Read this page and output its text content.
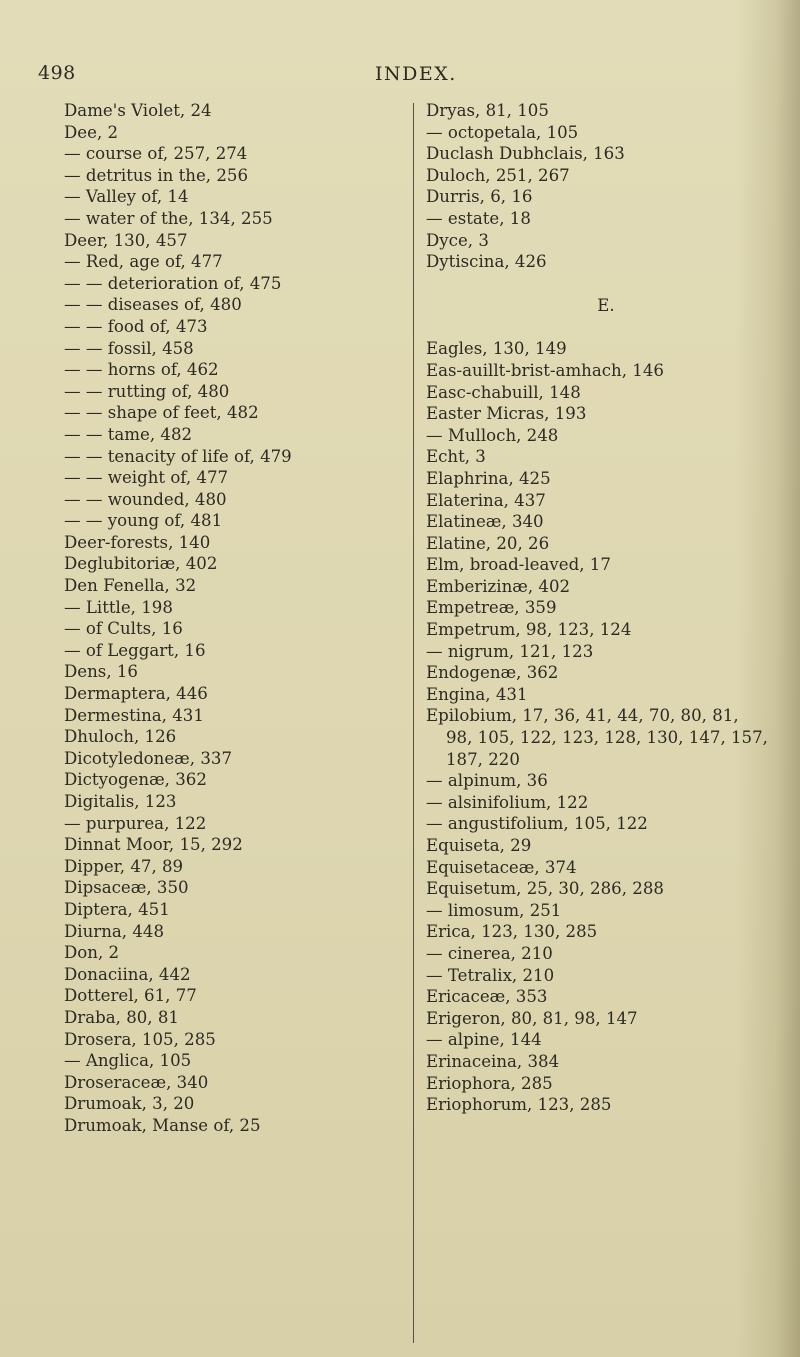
498	INDEX.
Dame's Violet, 24
Dee, 2
— course of, 257, 274
— detritus in the, 256
— Valley of, 14
— water of the, 134, 255
Deer, 130, 457
— Red, age of, 477
— — deterioration of, 475
— — diseases of, 480
— — food of, 473
— — fossil, 458
— — horns of, 462
— — rutting of, 480
— — shape of feet, 482
— — tame, 482
— — tenacity of life of, 479
— — weight of, 477
— — wounded, 480
— — young of, 481
Deer-forests, 140
Deglubitoriæ, 402
Den Fenella, 32
— Little, 198
— of Cults, 16
— of Leggart, 16
Dens, 16
Dermaptera, 446
Dermestina, 431
Dhuloch, 126
Dicotyledoneæ, 337
Dictyogenæ, 362
Digitalis, 123
— purpurea, 122
Dinnat Moor, 15, 292
Dipper, 47, 89
Dipsaceæ, 350
Diptera, 451
Diurna, 448
Don, 2
Donaciina, 442
Dotterel, 61, 77
Draba, 80, 81
Drosera, 105, 285
— Anglica, 105
Droseraceæ, 340
Drumoak, 3, 20
Drumoak, Manse of, 25
Dryas, 81, 105
— octopetala, 105
Duclash Dubhclais, 163
Duloch, 251, 267
Durris, 6, 16
— estate, 18
Dyce, 3
Dytiscina, 426
E.
Eagles, 130, 149
Eas-auillt-brist-amhach, 146
Easc-chabuill, 148
Easter Micras, 193
— Mulloch, 248
Echt, 3
Elaphrina, 425
Elaterina, 437
Elatineæ, 340
Elatine, 20, 26
Elm, broad-leaved, 17
Emberizinæ, 402
Empetreæ, 359
Empetrum, 98, 123, 124
— nigrum, 121, 123
Endogenæ, 362
Engina, 431
Epilobium, 17, 36, 41, 44, 70, 80, 81,
98, 105, 122, 123, 128, 130, 147, 157,
187, 220
— alpinum, 36
— alsinifolium, 122
— angustifolium, 105, 122
Equiseta, 29
Equisetaceæ, 374
Equisetum, 25, 30, 286, 288
— limosum, 251
Erica, 123, 130, 285
— cinerea, 210
— Tetralix, 210
Ericaceæ, 353
Erigeron, 80, 81, 98, 147
— alpine, 144
Erinaceina, 384
Eriophora, 285
Eriophorum, 123, 285
